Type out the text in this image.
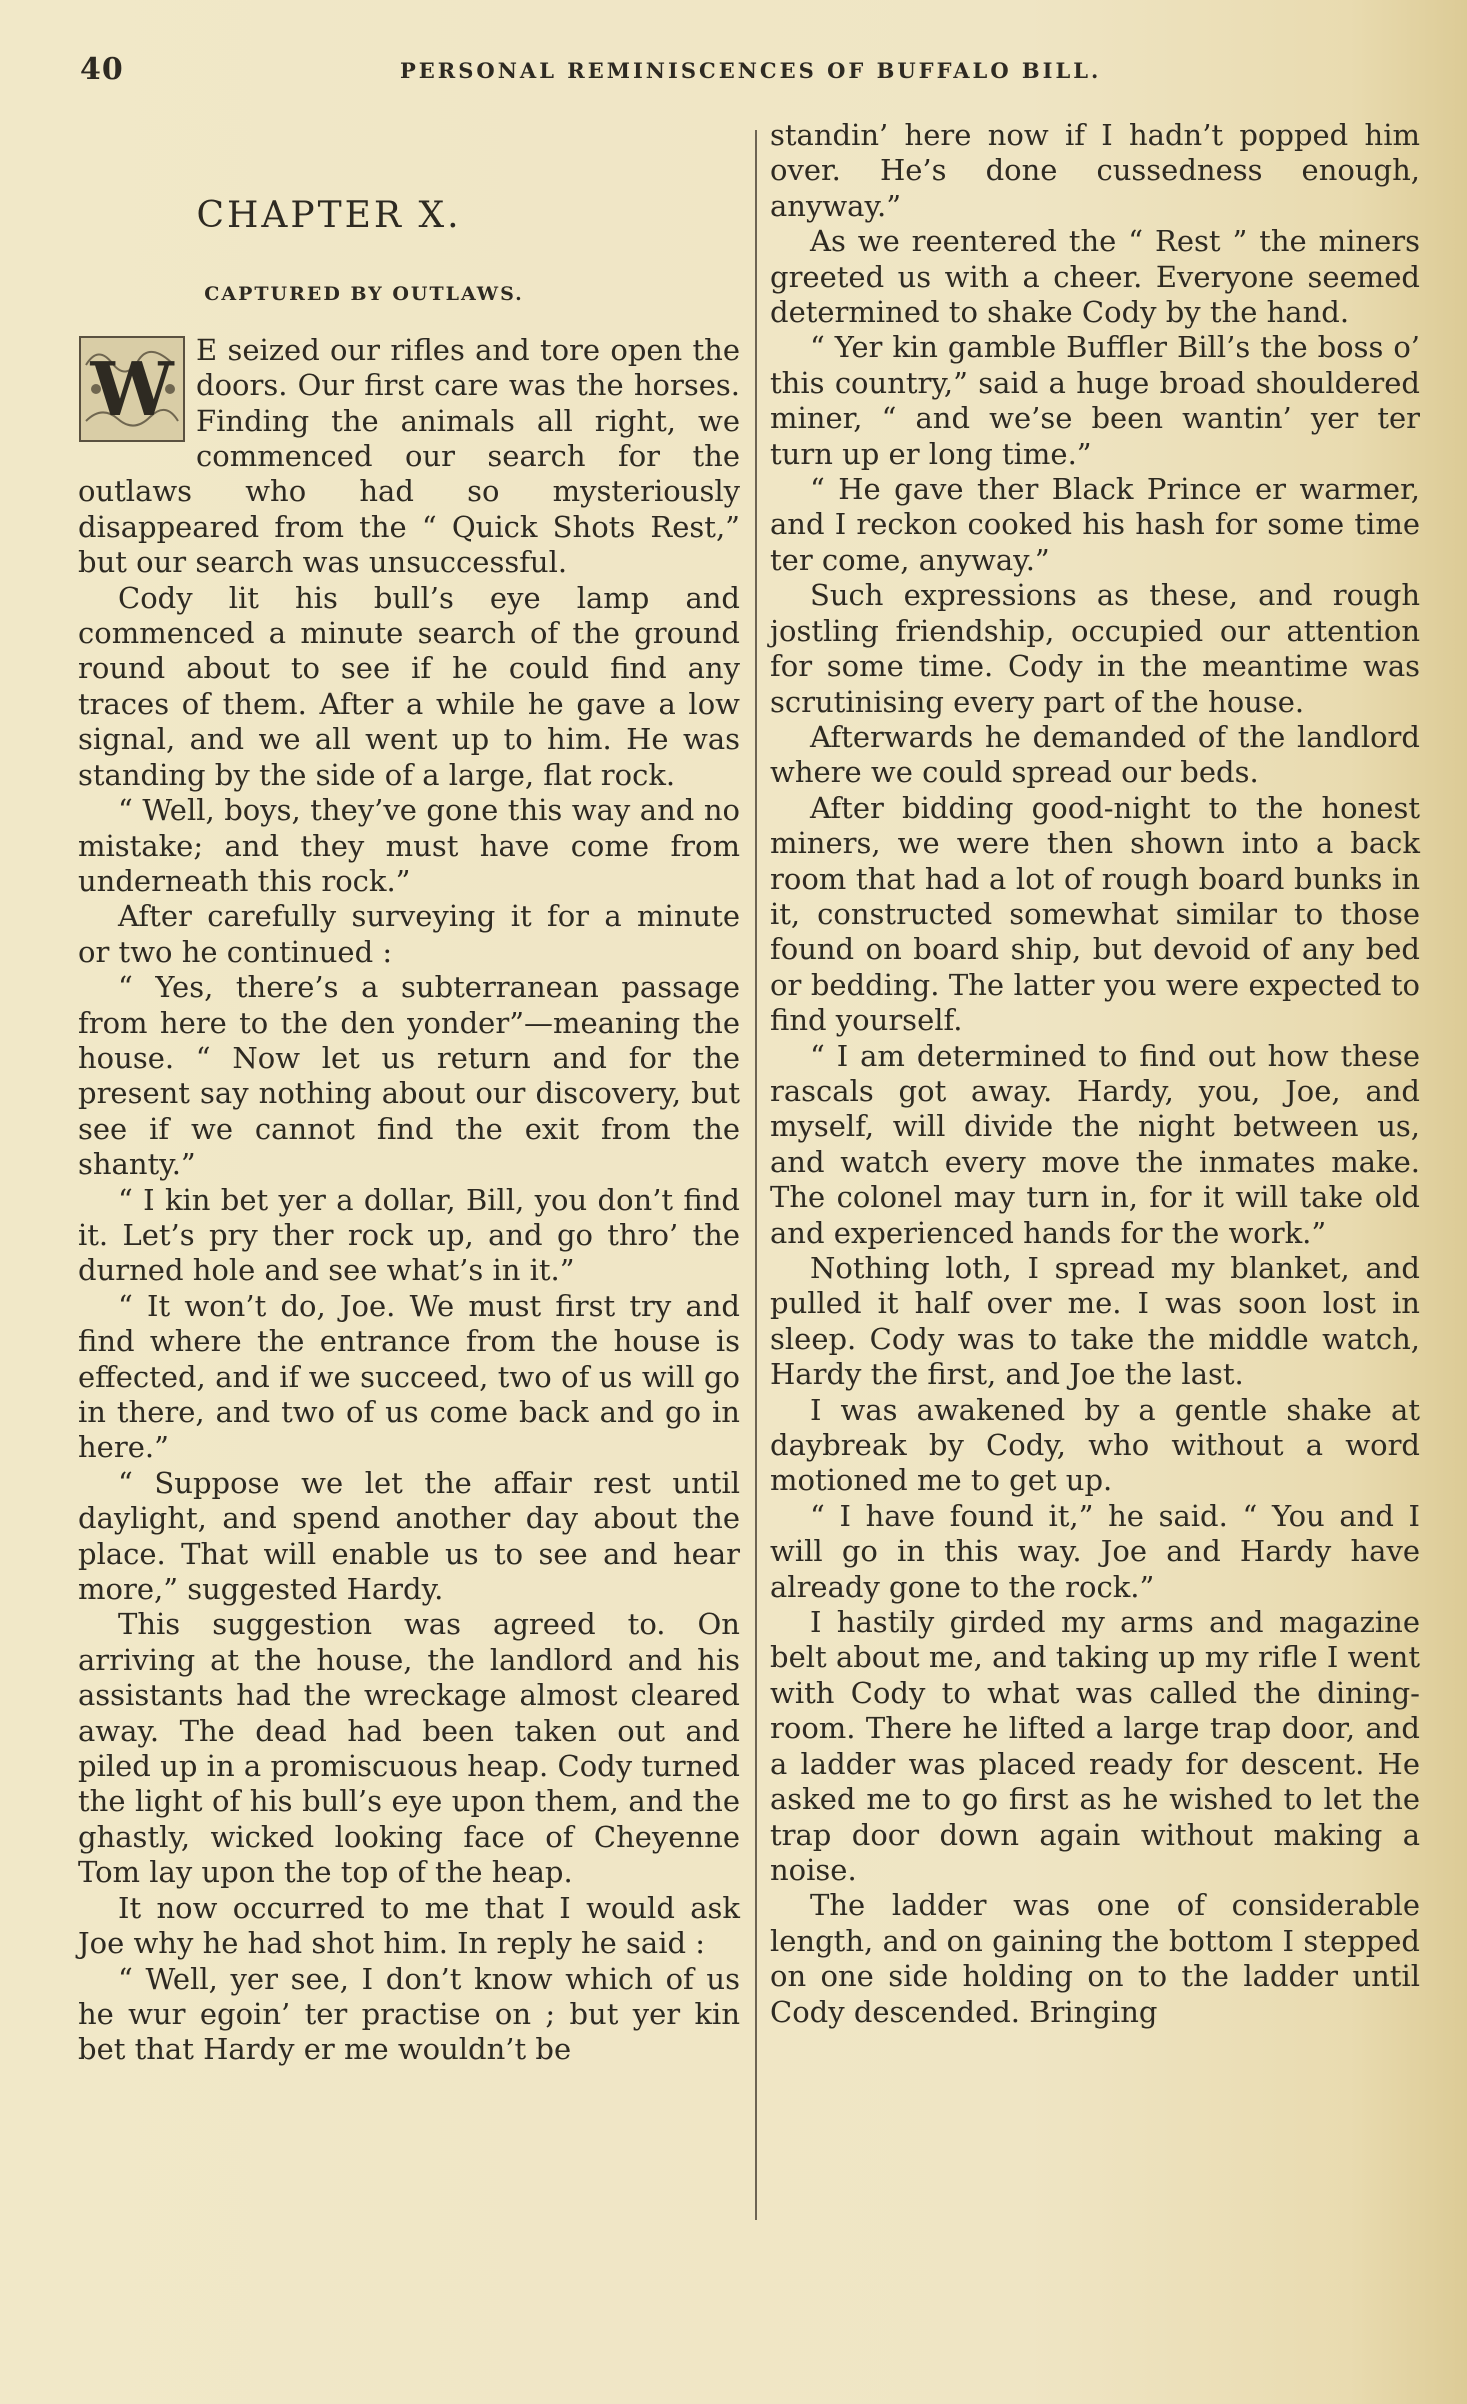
40	PERSONAL REMINISCENCES OF BUFFALO BILL.
CHAPTER X.
CAPTURED BY OUTLAWS.

W E seized our rifles and tore open the doors. Our first care was the horses. Finding the animals all right, we commenced our search for the outlaws who had so mysteriously disappeared from the “ Quick Shots Rest,” but our search was unsuccessful.

Cody lit his bull’s eye lamp and commenced a minute search of the ground round about to see if he could find any traces of them. After a while he gave a low signal, and we all went up to him. He was standing by the side of a large, flat rock.

“ Well, boys, they’ve gone this way and no mistake; and they must have come from underneath this rock.”

After carefully surveying it for a minute or two he continued :

“ Yes, there’s a subterranean passage from here to the den yonder”—meaning the house. “ Now let us return and for the present say nothing about our discovery, but see if we cannot find the exit from the shanty.”

“ I kin bet yer a dollar, Bill, you don’t find it. Let’s pry ther rock up, and go thro’ the durned hole and see what’s in it.”

“ It won’t do, Joe. We must first try and find where the entrance from the house is effected, and if we succeed, two of us will go in there, and two of us come back and go in here.”

“ Suppose we let the affair rest until daylight, and spend another day about the place. That will enable us to see and hear more,” suggested Hardy.

This suggestion was agreed to. On arriving at the house, the landlord and his assistants had the wreckage almost cleared away. The dead had been taken out and piled up in a promiscuous heap. Cody turned the light of his bull’s eye upon them, and the ghastly, wicked looking face of Cheyenne Tom lay upon the top of the heap.

It now occurred to me that I would ask Joe why he had shot him. In reply he said :

“ Well, yer see, I don’t know which of us he wur egoin’ ter practise on ; but yer kin bet that Hardy er me wouldn’t be

standin’ here now if I hadn’t popped him over. He’s done cussedness enough, anyway.”

As we reentered the “ Rest ” the miners greeted us with a cheer. Everyone seemed determined to shake Cody by the hand.

“ Yer kin gamble Buffler Bill’s the boss o’ this country,” said a huge broad shouldered miner, “ and we’se been wantin’ yer ter turn up er long time.”

“ He gave ther Black Prince er warmer, and I reckon cooked his hash for some time ter come, anyway.”

Such expressions as these, and rough jostling friendship, occupied our attention for some time. Cody in the meantime was scrutinising every part of the house.

Afterwards he demanded of the landlord where we could spread our beds.

After bidding good-night to the honest miners, we were then shown into a back room that had a lot of rough board bunks in it, constructed somewhat similar to those found on board ship, but devoid of any bed or bedding. The latter you were expected to find yourself.

“ I am determined to find out how these rascals got away. Hardy, you, Joe, and myself, will divide the night between us, and watch every move the inmates make. The colonel may turn in, for it will take old and experienced hands for the work.”

Nothing loth, I spread my blanket, and pulled it half over me. I was soon lost in sleep. Cody was to take the middle watch, Hardy the first, and Joe the last.

I was awakened by a gentle shake at daybreak by Cody, who without a word motioned me to get up.

“ I have found it,” he said. “ You and I will go in this way. Joe and Hardy have already gone to the rock.”

I hastily girded my arms and magazine belt about me, and taking up my rifle I went with Cody to what was called the dining-room. There he lifted a large trap door, and a ladder was placed ready for descent. He asked me to go first as he wished to let the trap door down again without making a noise.

The ladder was one of considerable length, and on gaining the bottom I stepped on one side holding on to the ladder until Cody descended. Bringing
